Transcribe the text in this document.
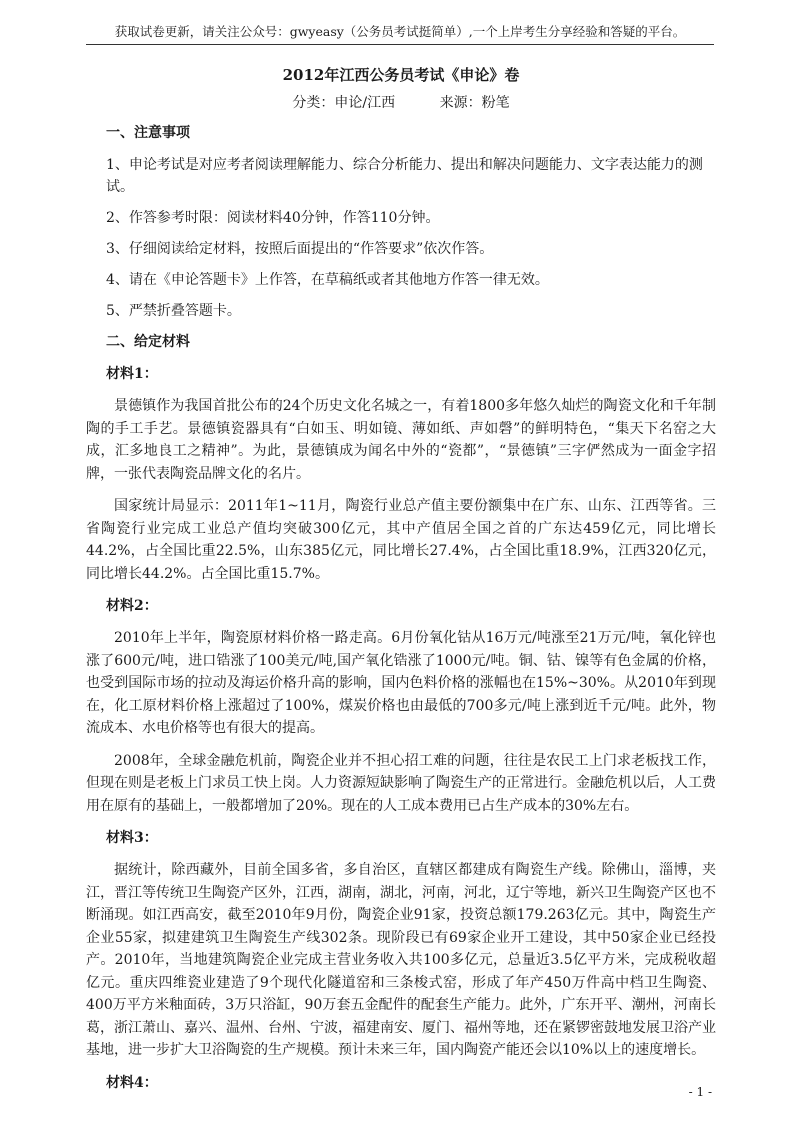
获取试卷更新，请关注公众号：gwyeasy（公务员考试挺简单）,一个上岸考生分享经验和答疑的平台。

2012年江西公务员考试《申论》卷

分类：申论/江西	来源：粉笔

一、注意事项

1、申论考试是对应考者阅读理解能力、综合分析能力、提出和解决问题能力、文字表达能力的测试。

2、作答参考时限：阅读材料40分钟，作答110分钟。

3、仔细阅读给定材料，按照后面提出的“作答要求”依次作答。

4、请在《申论答题卡》上作答，在草稿纸或者其他地方作答一律无效。

5、严禁折叠答题卡。

二、给定材料

材料1：

景德镇作为我国首批公布的24个历史文化名城之一，有着1800多年悠久灿烂的陶瓷文化和千年制陶的手工手艺。景德镇瓷器具有“白如玉、明如镜、薄如纸、声如磬”的鲜明特色，“集天下名窑之大成，汇多地良工之精神”。为此，景德镇成为闻名中外的“瓷都”，“景德镇”三字俨然成为一面金字招牌，一张代表陶瓷品牌文化的名片。

国家统计局显示：2011年1~11月，陶瓷行业总产值主要份额集中在广东、山东、江西等省。三省陶瓷行业完成工业总产值均突破300亿元，其中产值居全国之首的广东达459亿元，同比增长44.2%，占全国比重22.5%，山东385亿元，同比增长27.4%，占全国比重18.9%，江西320亿元，同比增长44.2%。占全国比重15.7%。

材料2：

2010年上半年，陶瓷原材料价格一路走高。6月份氧化钴从16万元/吨涨至21万元/吨，氧化锌也涨了600元/吨，进口锆涨了100美元/吨,国产氧化锆涨了1000元/吨。铜、钴、镍等有色金属的价格，也受到国际市场的拉动及海运价格升高的影响，国内色料价格的涨幅也在15%~30%。从2010年到现在，化工原材料价格上涨超过了100%，煤炭价格也由最低的700多元/吨上涨到近千元/吨。此外，物流成本、水电价格等也有很大的提高。

2008年，全球金融危机前，陶瓷企业并不担心招工难的问题，往往是农民工上门求老板找工作，但现在则是老板上门求员工快上岗。人力资源短缺影响了陶瓷生产的正常进行。金融危机以后，人工费用在原有的基础上，一般都增加了20%。现在的人工成本费用已占生产成本的30%左右。

材料3：

据统计，除西藏外，目前全国多省，多自治区，直辖区都建成有陶瓷生产线。除佛山，淄博，夹江，晋江等传统卫生陶瓷产区外，江西，湖南，湖北，河南，河北，辽宁等地，新兴卫生陶瓷产区也不断涌现。如江西高安，截至2010年9月份，陶瓷企业91家，投资总额179.263亿元。其中，陶瓷生产企业55家，拟建建筑卫生陶瓷生产线302条。现阶段已有69家企业开工建设，其中50家企业已经投产。2010年，当地建筑陶瓷企业完成主营业务收入共100多亿元，总量近3.5亿平方米，完成税收超亿元。重庆四维瓷业建造了9个现代化隧道窑和三条梭式窑，形成了年产450万件高中档卫生陶瓷、400万平方米釉面砖，3万只浴缸，90万套五金配件的配套生产能力。此外，广东开平、潮州，河南长葛，浙江萧山、嘉兴、温州、台州、宁波，福建南安、厦门、福州等地，还在紧锣密鼓地发展卫浴产业基地，进一步扩大卫浴陶瓷的生产规模。预计未来三年，国内陶瓷产能还会以10%以上的速度增长。

材料4：

- 1 -
